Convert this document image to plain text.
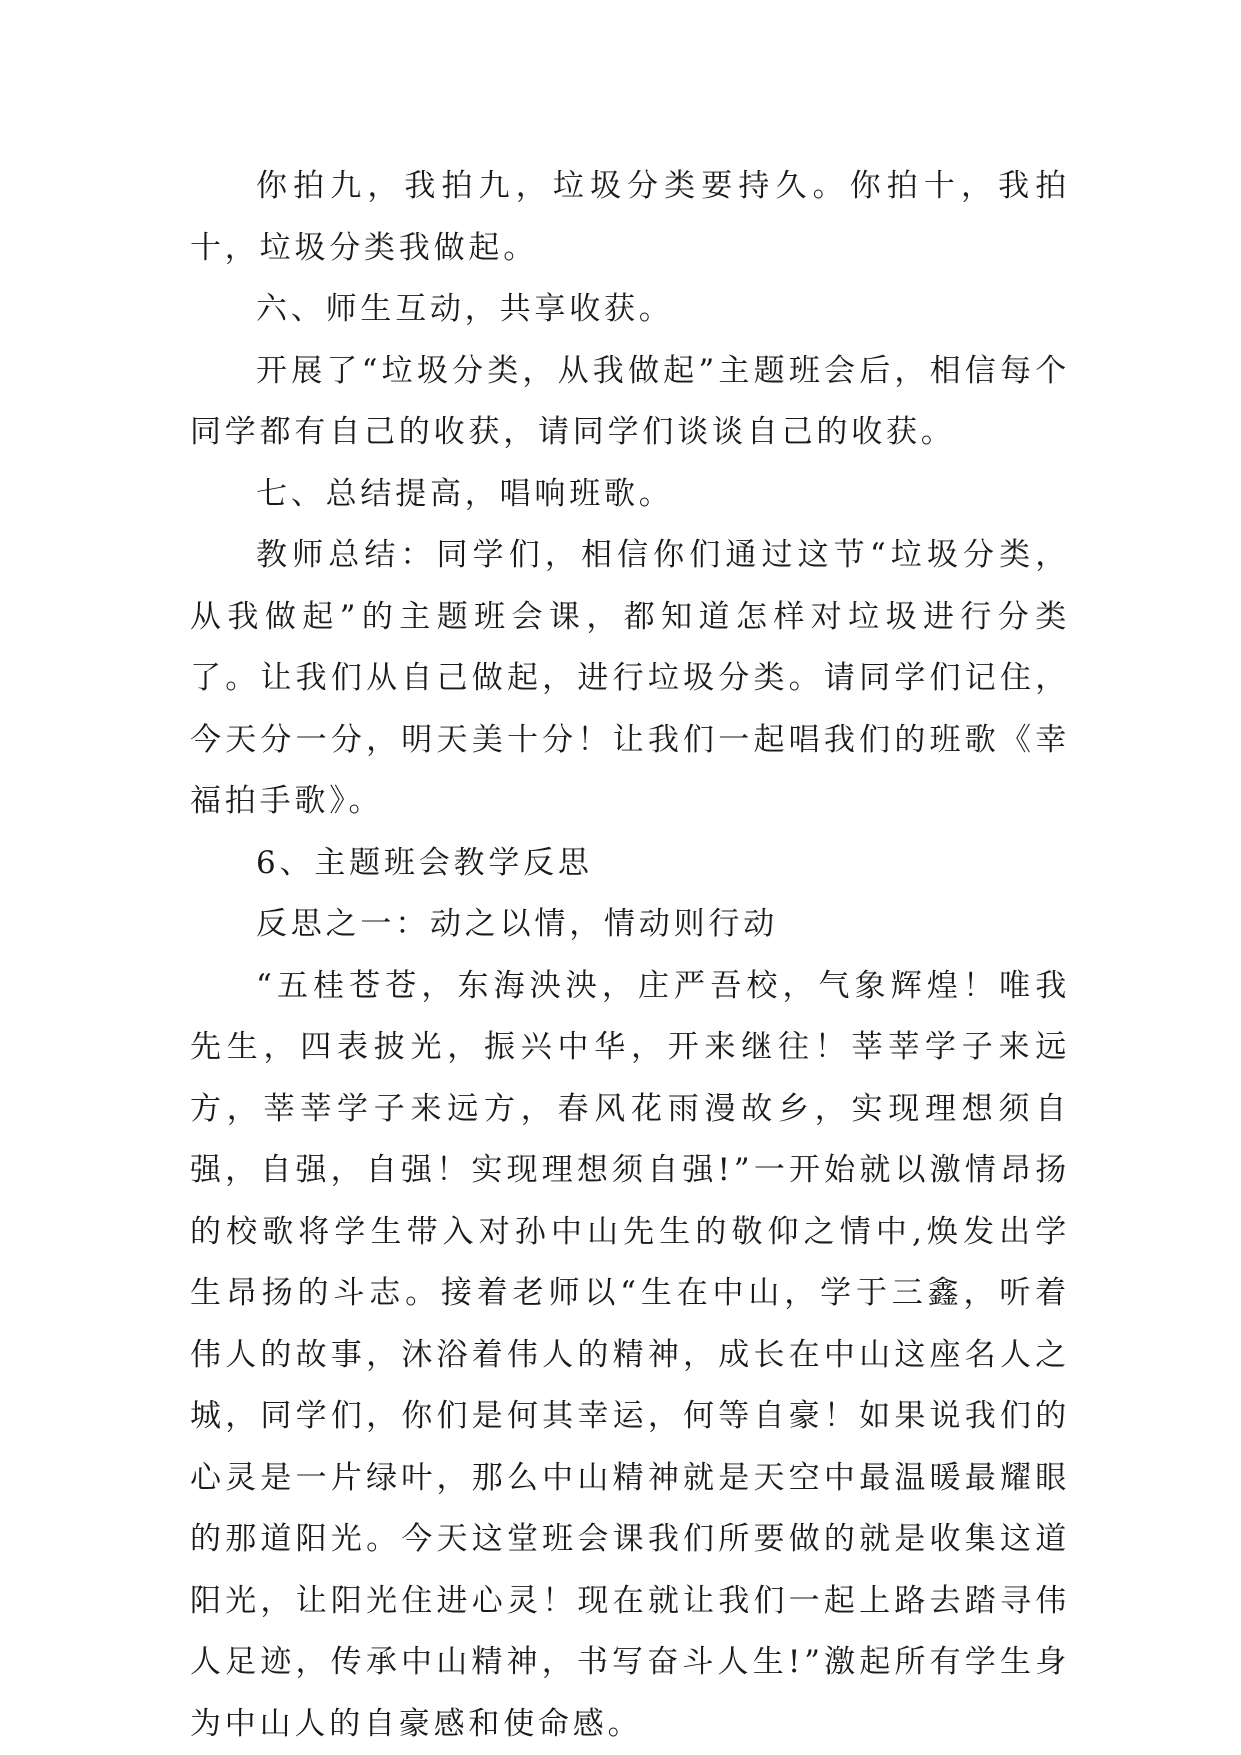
你拍九，我拍九，垃圾分类要持久。你拍十，我拍十，垃圾分类我做起。

六、师生互动，共享收获。

开展了“垃圾分类，从我做起”主题班会后，相信每个同学都有自己的收获，请同学们谈谈自己的收获。

七、总结提高，唱响班歌。

教师总结：同学们，相信你们通过这节“垃圾分类，从我做起”的主题班会课，都知道怎样对垃圾进行分类了。让我们从自己做起，进行垃圾分类。请同学们记住，今天分一分，明天美十分！让我们一起唱我们的班歌《幸福拍手歌》。

6、主题班会教学反思

反思之一：动之以情，情动则行动

“五桂苍苍，东海泱泱，庄严吾校，气象辉煌！唯我先生，四表披光，振兴中华，开来继往！莘莘学子来远方，莘莘学子来远方，春风花雨漫故乡，实现理想须自强，自强，自强！实现理想须自强!”一开始就以激情昂扬的校歌将学生带入对孙中山先生的敬仰之情中,焕发出学生昂扬的斗志。接着老师以“生在中山，学于三鑫，听着伟人的故事，沐浴着伟人的精神，成长在中山这座名人之城，同学们，你们是何其幸运，何等自豪！如果说我们的心灵是一片绿叶，那么中山精神就是天空中最温暖最耀眼的那道阳光。今天这堂班会课我们所要做的就是收集这道阳光，让阳光住进心灵！现在就让我们一起上路去踏寻伟人足迹，传承中山精神，书写奋斗人生!”激起所有学生身为中山人的自豪感和使命感。
